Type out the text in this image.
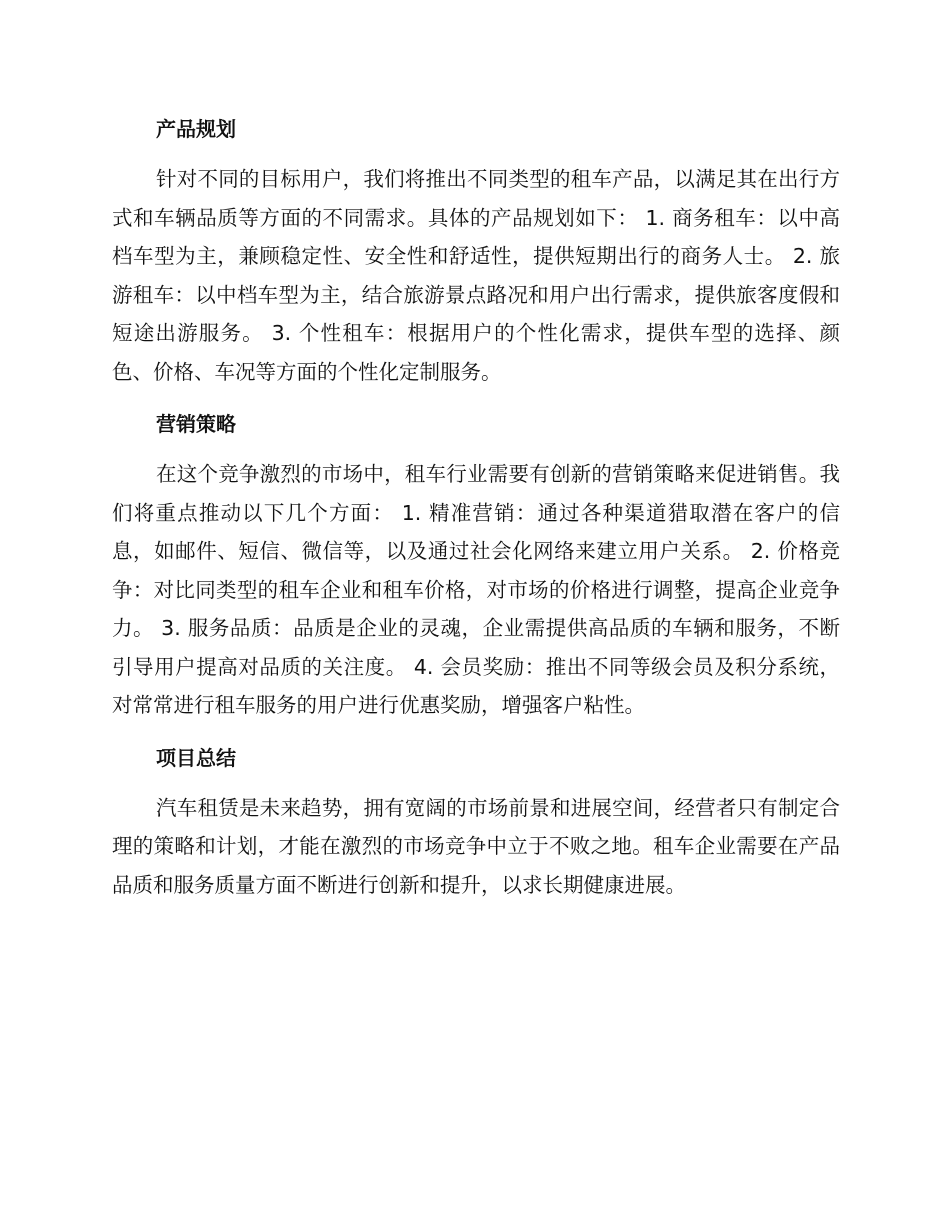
产品规划

针对不同的目标用户，我们将推出不同类型的租车产品，以满足其在出行方式和车辆品质等方面的不同需求。具体的产品规划如下： 1. 商务租车：以中高档车型为主，兼顾稳定性、安全性和舒适性，提供短期出行的商务人士。 2. 旅游租车：以中档车型为主，结合旅游景点路况和用户出行需求，提供旅客度假和短途出游服务。 3. 个性租车：根据用户的个性化需求，提供车型的选择、颜色、价格、车况等方面的个性化定制服务。

营销策略

在这个竞争激烈的市场中，租车行业需要有创新的营销策略来促进销售。我们将重点推动以下几个方面： 1. 精准营销：通过各种渠道猎取潜在客户的信息，如邮件、短信、微信等，以及通过社会化网络来建立用户关系。 2. 价格竞争：对比同类型的租车企业和租车价格，对市场的价格进行调整，提高企业竞争力。 3. 服务品质：品质是企业的灵魂，企业需提供高品质的车辆和服务，不断引导用户提高对品质的关注度。 4. 会员奖励：推出不同等级会员及积分系统，对常常进行租车服务的用户进行优惠奖励，增强客户粘性。

项目总结

汽车租赁是未来趋势，拥有宽阔的市场前景和进展空间，经营者只有制定合理的策略和计划，才能在激烈的市场竞争中立于不败之地。租车企业需要在产品品质和服务质量方面不断进行创新和提升，以求长期健康进展。
